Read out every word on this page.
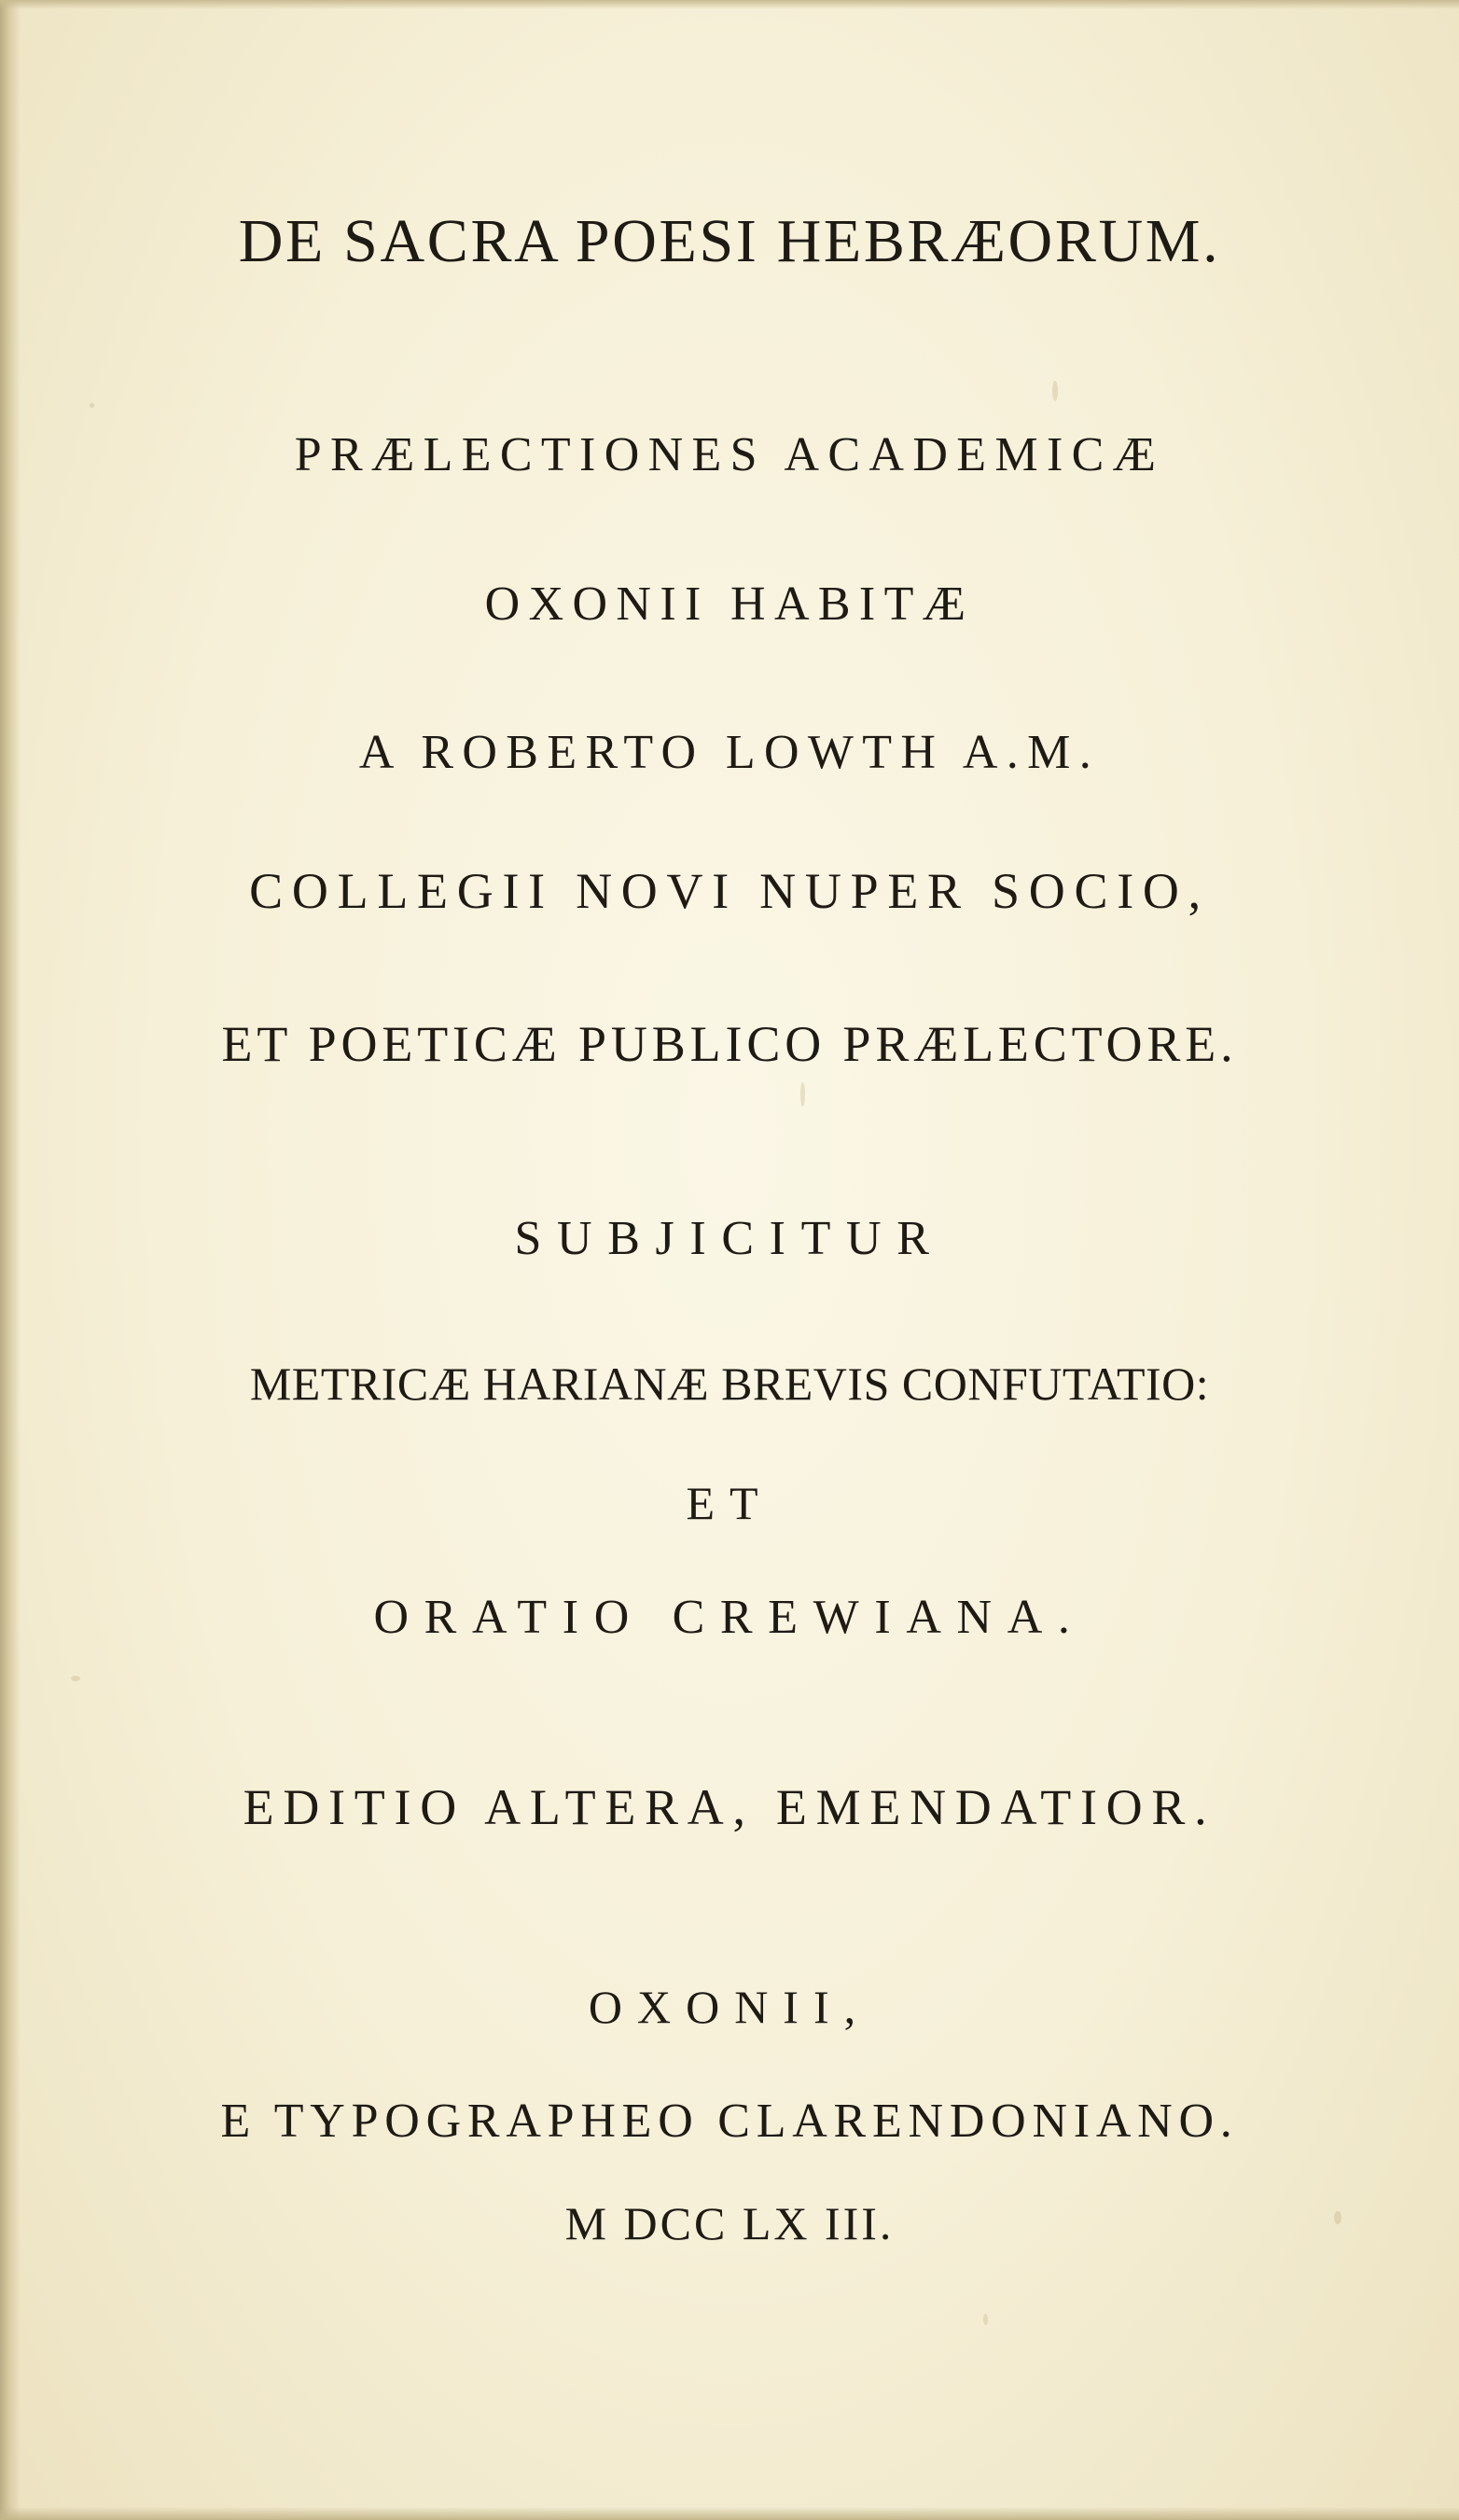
DE SACRA POESI HEBRÆORUM.
PRÆLECTIONES ACADEMICÆ
OXONII HABITÆ
A ROBERTO LOWTH A.M.
COLLEGII NOVI NUPER SOCIO,
ET POETICÆ PUBLICO PRÆLECTORE.
SUBJICITUR
METRICÆ HARIANÆ BREVIS CONFUTATIO:
ET
ORATIO CREWIANA.
EDITIO ALTERA, EMENDATIOR.
OXONII,
E TYPOGRAPHEO CLARENDONIANO.
M DCC LX III.
